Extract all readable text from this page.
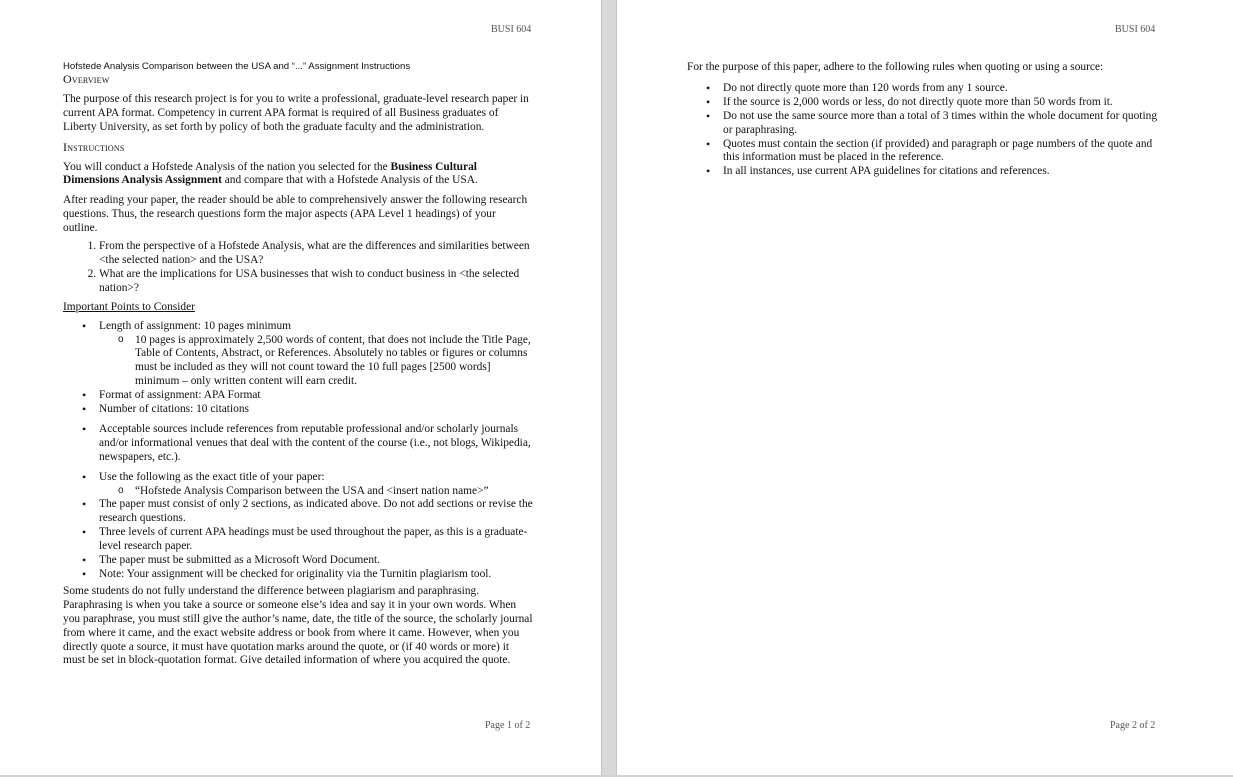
BUSI 604
Hofstede Analysis Comparison between the USA and “...” Assignment Instructions
Overview

The purpose of this research project is for you to write a professional, graduate-level research paper in current APA format. Competency in current APA format is required of all Business graduates of Liberty University, as set forth by policy of both the graduate faculty and the administration.

Instructions

You will conduct a Hofstede Analysis of the nation you selected for the Business Cultural Dimensions Analysis Assignment and compare that with a Hofstede Analysis of the USA.

After reading your paper, the reader should be able to comprehensively answer the following research questions. Thus, the research questions form the major aspects (APA Level 1 headings) of your outline.

1. From the perspective of a Hofstede Analysis, what are the differences and similarities between <the selected nation> and the USA?
2. What are the implications for USA businesses that wish to conduct business in <the selected nation>?

Important Points to Consider

• Length of assignment: 10 pages minimum
o 10 pages is approximately 2,500 words of content, that does not include the Title Page, Table of Contents, Abstract, or References. Absolutely no tables or figures or columns must be included as they will not count toward the 10 full pages [2500 words] minimum – only written content will earn credit.
• Format of assignment: APA Format
• Number of citations: 10 citations
• Acceptable sources include references from reputable professional and/or scholarly journals and/or informational venues that deal with the content of the course (i.e., not blogs, Wikipedia, newspapers, etc.).
• Use the following as the exact title of your paper:
o “Hofstede Analysis Comparison between the USA and <insert nation name>”
• The paper must consist of only 2 sections, as indicated above. Do not add sections or revise the research questions.
• Three levels of current APA headings must be used throughout the paper, as this is a graduate-level research paper.
• The paper must be submitted as a Microsoft Word Document.
• Note: Your assignment will be checked for originality via the Turnitin plagiarism tool.

Some students do not fully understand the difference between plagiarism and paraphrasing. Paraphrasing is when you take a source or someone else’s idea and say it in your own words. When you paraphrase, you must still give the author’s name, date, the title of the source, the scholarly journal from where it came, and the exact website address or book from where it came. However, when you directly quote a source, it must have quotation marks around the quote, or (if 40 words or more) it must be set in block-quotation format. Give detailed information of where you acquired the quote.

Page 1 of 2
BUSI 604

For the purpose of this paper, adhere to the following rules when quoting or using a source:

• Do not directly quote more than 120 words from any 1 source.
• If the source is 2,000 words or less, do not directly quote more than 50 words from it.
• Do not use the same source more than a total of 3 times within the whole document for quoting or paraphrasing.
• Quotes must contain the section (if provided) and paragraph or page numbers of the quote and this information must be placed in the reference.
• In all instances, use current APA guidelines for citations and references.
Page 2 of 2
